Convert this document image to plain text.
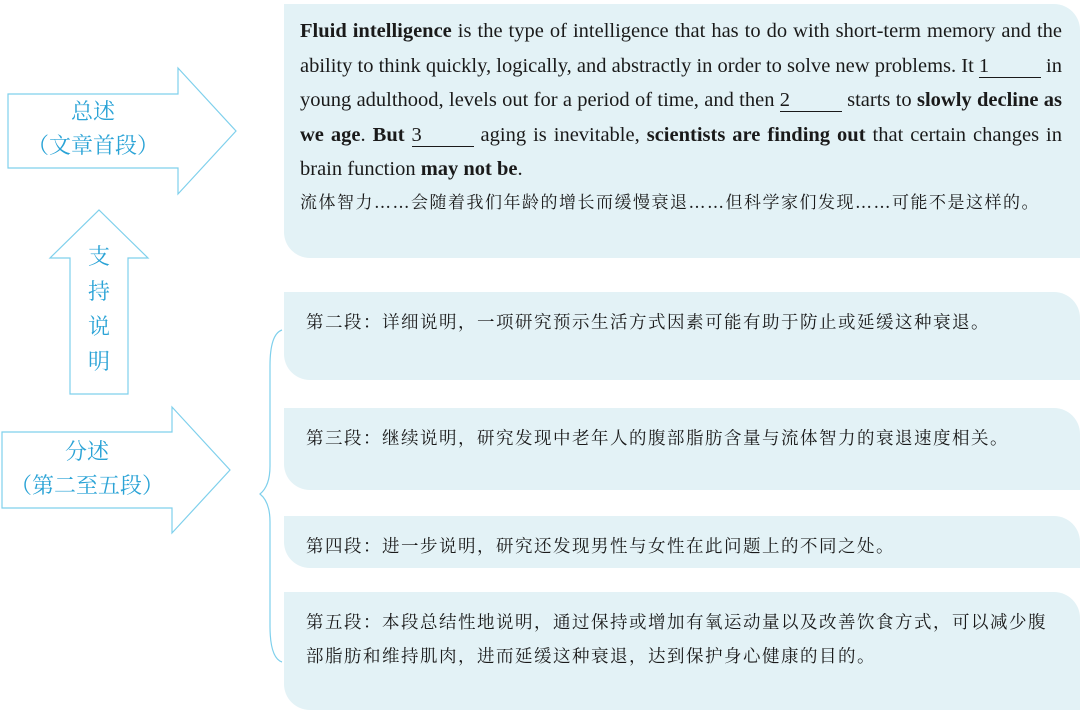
总述
（文章首段）
支
持
说
明
分述
（第二至五段）
Fluid intelligence is the type of intelligence that has to do with short-term memory and the ability to think quickly, logically, and abstractly in order to solve new problems. It 1	in young adulthood, levels out for a period of time, and then 2	starts to slowly decline as we age. But 3	aging is inevitable, scientists are finding out that certain changes in brain function may not be.
流体智力……会随着我们年龄的增长而缓慢衰退……但科学家们发现……可能不是这样的。
第二段：详细说明，一项研究预示生活方式因素可能有助于防止或延缓这种衰退。
第三段：继续说明，研究发现中老年人的腹部脂肪含量与流体智力的衰退速度相关。
第四段：进一步说明，研究还发现男性与女性在此问题上的不同之处。
第五段：本段总结性地说明，通过保持或增加有氧运动量以及改善饮食方式，可以减少腹部脂肪和维持肌肉，进而延缓这种衰退，达到保护身心健康的目的。
